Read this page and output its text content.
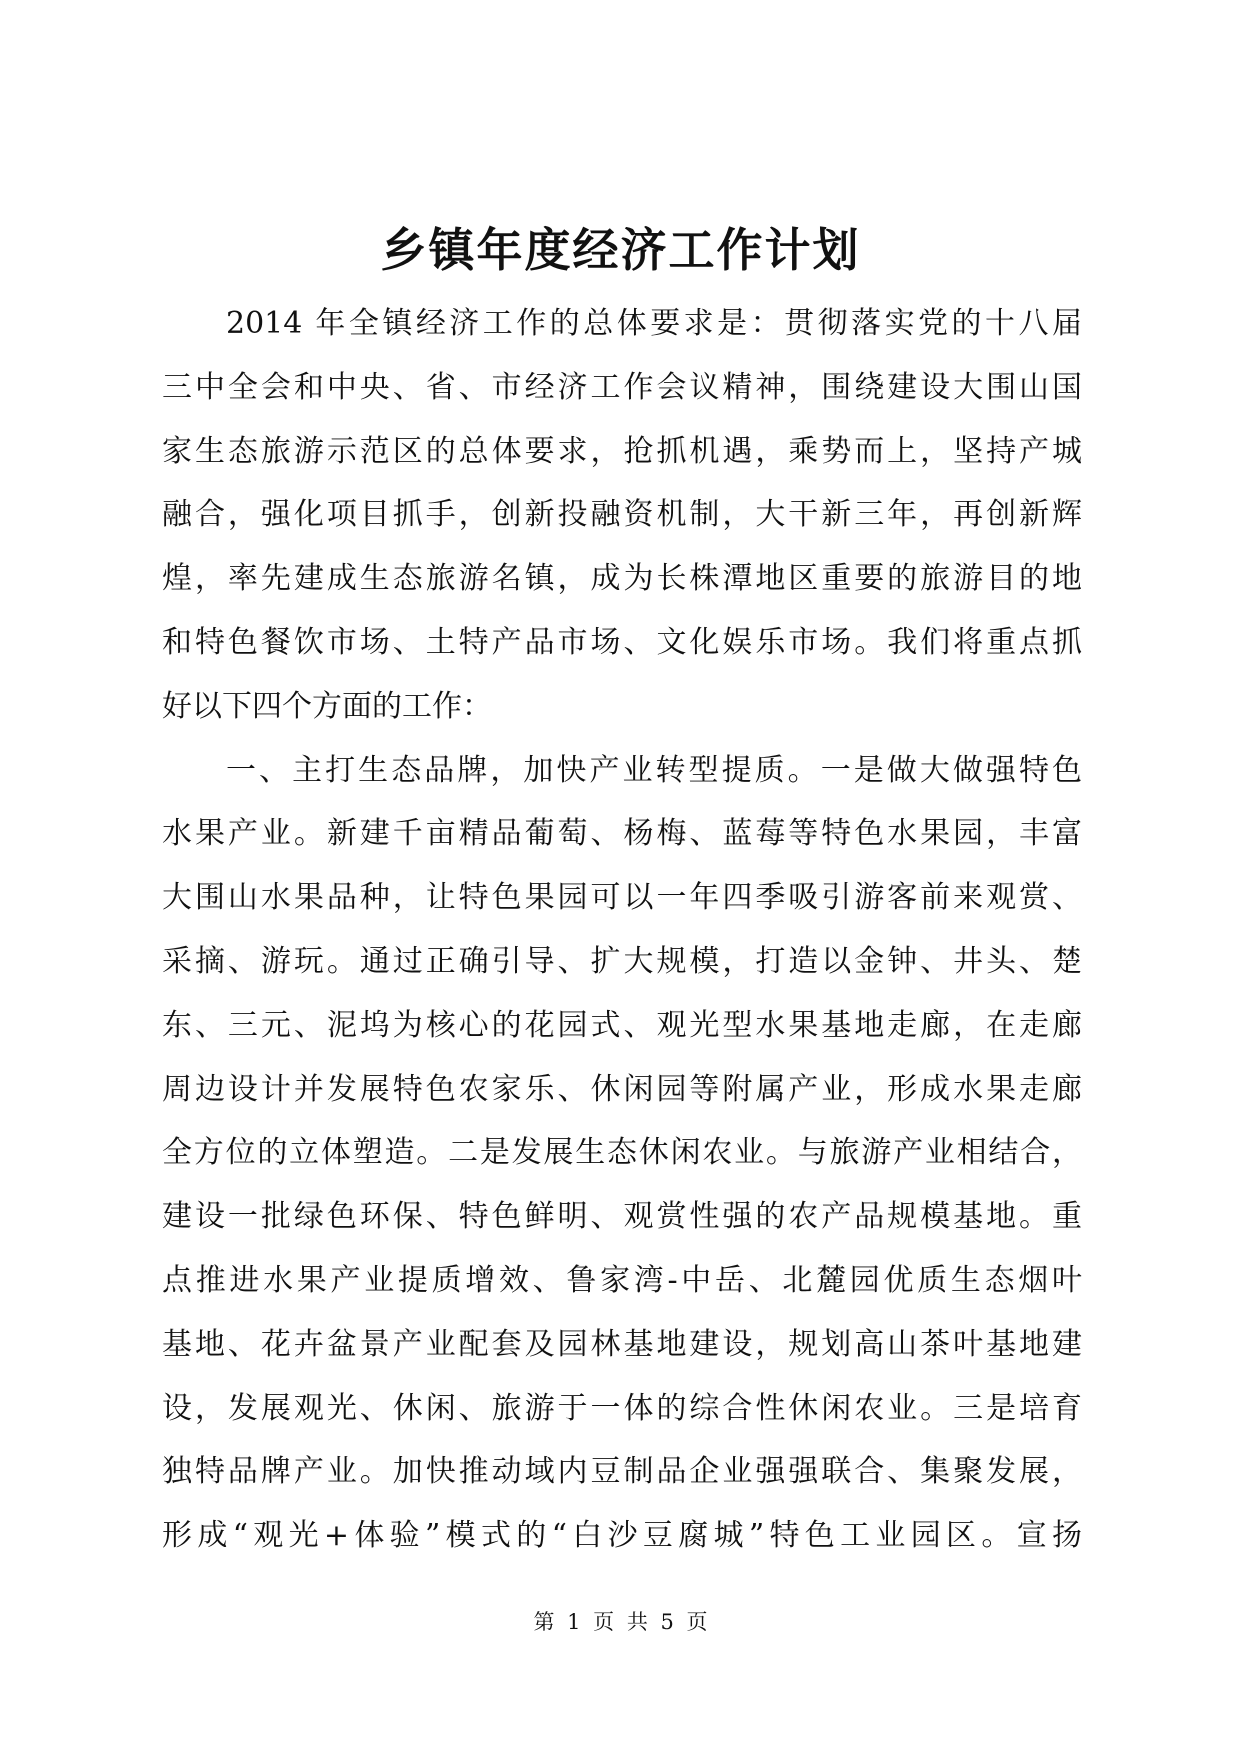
乡镇年度经济工作计划
2014 年全镇经济工作的总体要求是：贯彻落实党的十八届
三中全会和中央、省、市经济工作会议精神，围绕建设大围山国
家生态旅游示范区的总体要求，抢抓机遇，乘势而上，坚持产城
融合，强化项目抓手，创新投融资机制，大干新三年，再创新辉
煌，率先建成生态旅游名镇，成为长株潭地区重要的旅游目的地
和特色餐饮市场、土特产品市场、文化娱乐市场。我们将重点抓
好以下四个方面的工作：
一、主打生态品牌，加快产业转型提质。一是做大做强特色
水果产业。新建千亩精品葡萄、杨梅、蓝莓等特色水果园，丰富
大围山水果品种，让特色果园可以一年四季吸引游客前来观赏、
采摘、游玩。通过正确引导、扩大规模，打造以金钟、井头、楚
东、三元、泥坞为核心的花园式、观光型水果基地走廊，在走廊
周边设计并发展特色农家乐、休闲园等附属产业，形成水果走廊
全方位的立体塑造。二是发展生态休闲农业。与旅游产业相结合，
建设一批绿色环保、特色鲜明、观赏性强的农产品规模基地。重
点推进水果产业提质增效、鲁家湾-中岳、北麓园优质生态烟叶
基地、花卉盆景产业配套及园林基地建设，规划高山茶叶基地建
设，发展观光、休闲、旅游于一体的综合性休闲农业。三是培育
独特品牌产业。加快推动域内豆制品企业强强联合、集聚发展，
形成“观光+体验”模式的“白沙豆腐城”特色工业园区。宣扬
第 1 页 共 5 页
